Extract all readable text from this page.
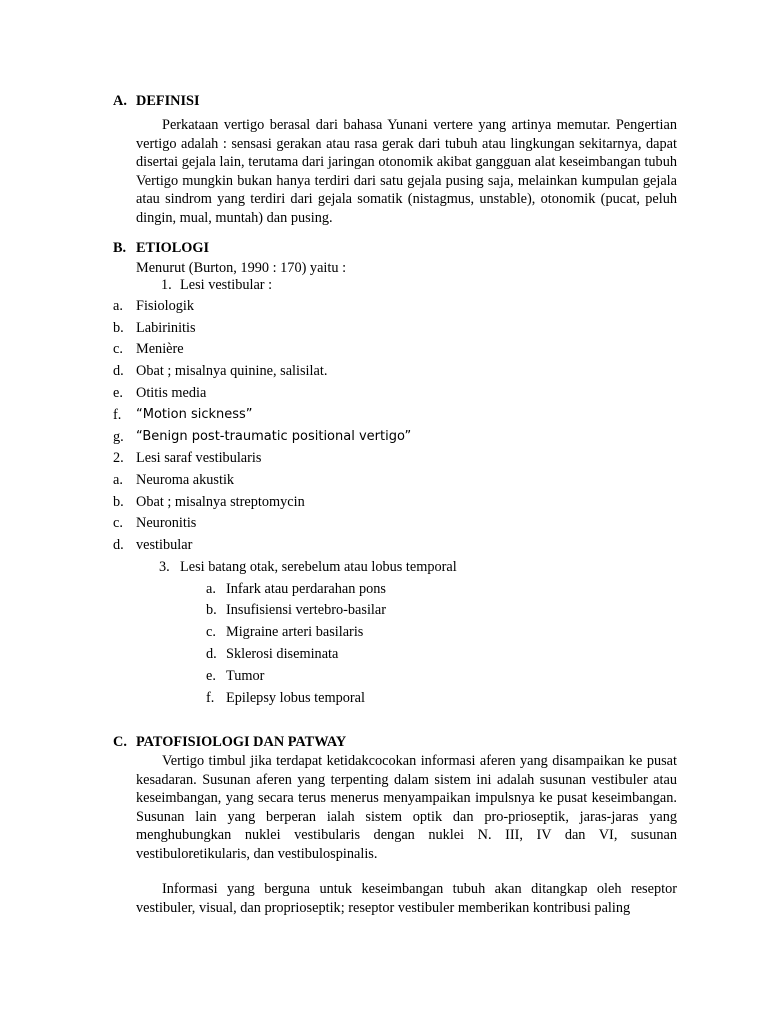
A. DEFINISI
Perkataan vertigo berasal dari bahasa Yunani vertere yang artinya memutar. Pengertian vertigo adalah : sensasi gerakan atau rasa gerak dari tubuh atau lingkungan sekitarnya, dapat disertai gejala lain, terutama dari jaringan otonomik akibat gangguan alat keseimbangan tubuh Vertigo mungkin bukan hanya terdiri dari satu gejala pusing saja, melainkan kumpulan gejala atau sindrom yang terdiri dari gejala somatik (nistagmus, unstable), otonomik (pucat, peluh dingin, mual, muntah) dan pusing.
B. ETIOLOGI
Menurut (Burton, 1990 : 170) yaitu :
1. Lesi vestibular :
a. Fisiologik
b. Labirinitis
c. Menière
d. Obat ; misalnya quinine, salisilat.
e. Otitis media
f. “Motion sickness”
g. “Benign post-traumatic positional vertigo”
2. Lesi saraf vestibularis
a. Neuroma akustik
b. Obat ; misalnya streptomycin
c. Neuronitis
d. vestibular
3. Lesi batang otak, serebelum atau lobus temporal
a. Infark atau perdarahan pons
b. Insufisiensi vertebro-basilar
c. Migraine arteri basilaris
d. Sklerosi diseminata
e. Tumor
f. Epilepsy lobus temporal
C. PATOFISIOLOGI DAN PATWAY
Vertigo timbul jika terdapat ketidakcocokan informasi aferen yang disampaikan ke pusat kesadaran. Susunan aferen yang terpenting dalam sistem ini adalah susunan vestibuler atau keseimbangan, yang secara terus menerus menyampaikan impulsnya ke pusat keseimbangan. Susunan lain yang berperan ialah sistem optik dan pro-prioseptik, jaras-jaras yang menghubungkan nuklei vestibularis dengan nuklei N. III, IV dan VI, susunan vestibuloretikularis, dan vestibulospinalis.
Informasi yang berguna untuk keseimbangan tubuh akan ditangkap oleh reseptor vestibuler, visual, dan proprioseptik; reseptor vestibuler memberikan kontribusi paling
